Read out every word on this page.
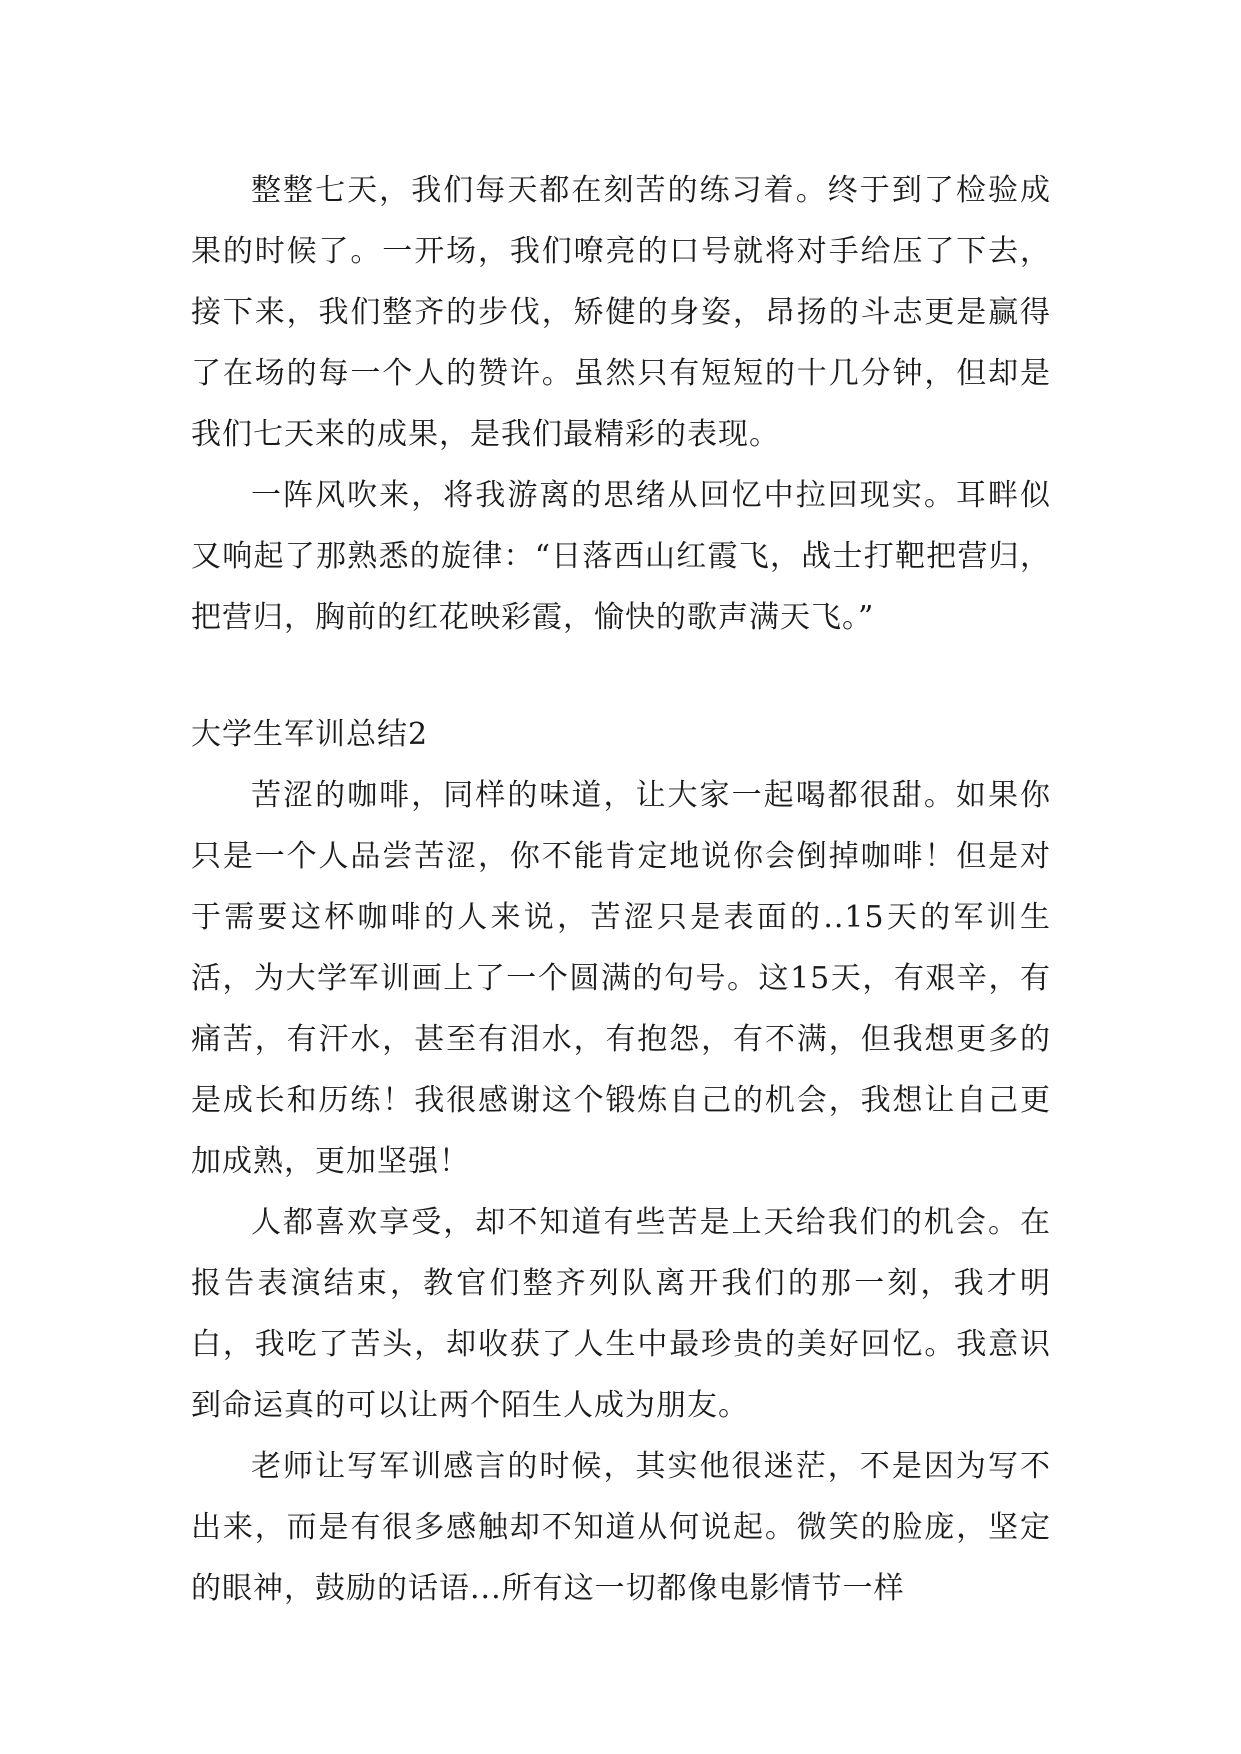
整整七天，我们每天都在刻苦的练习着。终于到了检验成果的时候了。一开场，我们嘹亮的口号就将对手给压了下去，接下来，我们整齐的步伐，矫健的身姿，昂扬的斗志更是赢得了在场的每一个人的赞许。虽然只有短短的十几分钟，但却是我们七天来的成果，是我们最精彩的表现。

一阵风吹来，将我游离的思绪从回忆中拉回现实。耳畔似又响起了那熟悉的旋律：“日落西山红霞飞，战士打靶把营归，把营归，胸前的红花映彩霞，愉快的歌声满天飞。”

大学生军训总结2

苦涩的咖啡，同样的味道，让大家一起喝都很甜。如果你只是一个人品尝苦涩，你不能肯定地说你会倒掉咖啡！但是对于需要这杯咖啡的人来说，苦涩只是表面的..15天的军训生活，为大学军训画上了一个圆满的句号。这15天，有艰辛，有痛苦，有汗水，甚至有泪水，有抱怨，有不满，但我想更多的是成长和历练！我很感谢这个锻炼自己的机会，我想让自己更加成熟，更加坚强！

人都喜欢享受，却不知道有些苦是上天给我们的机会。在报告表演结束，教官们整齐列队离开我们的那一刻，我才明白，我吃了苦头，却收获了人生中最珍贵的美好回忆。我意识到命运真的可以让两个陌生人成为朋友。

老师让写军训感言的时候，其实他很迷茫，不是因为写不出来，而是有很多感触却不知道从何说起。微笑的脸庞，坚定的眼神，鼓励的话语...所有这一切都像电影情节一样
